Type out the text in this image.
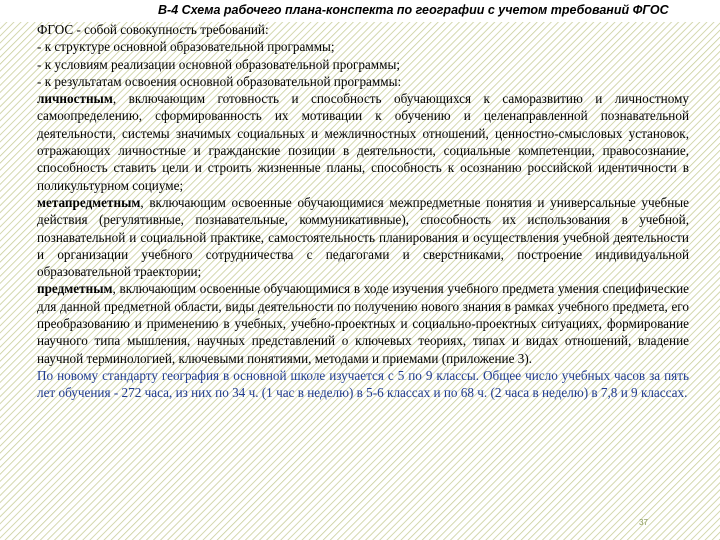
В-4 Схема рабочего плана-конспекта по географии с учетом требований ФГОС

ФГОС - собой совокупность требований:

- к структуре основной образовательной программы;

- к условиям реализации основной образовательной программы;

- к результатам освоения основной образовательной программы:

личностным, включающим готовность и способность обучающихся к саморазвитию и личностному самоопределению, сформированность их мотивации к обучению и целенаправленной познавательной деятельности, системы значимых социальных и межличностных отношений, ценностно-смысловых установок, отражающих личностные и гражданские позиции в деятельности, социальные компетенции, правосознание, способность ставить цели и строить жизненные планы, способность к осознанию российской идентичности в поликультурном социуме;

метапредметным, включающим освоенные обучающимися межпредметные понятия и универсальные учебные действия (регулятивные, познавательные, коммуникативные), способность их использования в учебной, познавательной и социальной практике, самостоятельность планирования и осуществления учебной деятельности и организации учебного сотрудничества с педагогами и сверстниками, построение индивидуальной образовательной траектории;

предметным, включающим освоенные обучающимися в ходе изучения учебного предмета умения специфические для данной предметной области, виды деятельности по получению нового знания в рамках учебного предмета, его преобразованию и применению в учебных, учебно-проектных и социально-проектных ситуациях, формирование научного типа мышления, научных представлений о ключевых теориях, типах и видах отношений, владение научной терминологией, ключевыми понятиями, методами и приемами (приложение 3).

По новому стандарту география в основной школе изучается с 5 по 9 классы. Общее число учебных часов за пять лет обучения - 272 часа, из них по 34 ч. (1 час в неделю) в 5-6 классах и по 68 ч. (2 часа в неделю) в 7,8 и 9 классах.

37
